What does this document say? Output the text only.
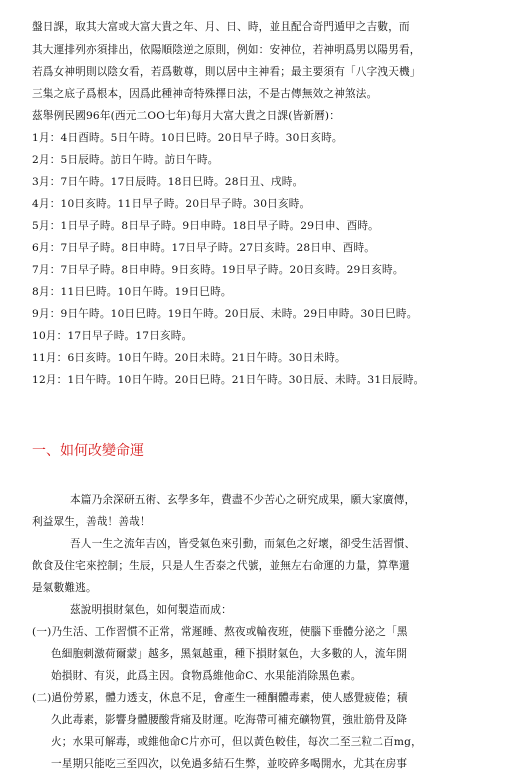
盤日課，取其大富或大富大貴之年、月、日、時，並且配合奇門遁甲之吉數，而
其大運排列亦須排出，依陽順陰逆之原則，例如：安神位，若神明爲男以陽男看，
若爲女神明則以陰女看，若爲數尊，則以居中主神看；最主要須有「八字洩天機」
三集之底子爲根本，因爲此種神奇特殊擇日法，不是古傳無效之神煞法。
茲舉例民國96年(西元二OO七年)每月大富大貴之日課(皆新曆)：
1月：4日酉時。5日午時。10日巳時。20日早子時。30日亥時。
2月：5日辰時。訪日午時。訪日午時。
3月：7日午時。17日辰時。18日巳時。28日丑、戌時。
4月：10日亥時。11日早子時。20日早子時。30日亥時。
5月：1日早子時。8日早子時。9日申時。18日早子時。29日申、酉時。
6月：7日早子時。8日申時。17日早子時。27日亥時。28日申、酉時。
7月：7日早子時。8日申時。9日亥時。19日早子時。20日亥時。29日亥時。
8月：11日巳時。10日午時。19日巳時。
9月：9日午時。10日巳時。19日午時。20日辰、未時。29日申時。30日巳時。
10月：17日早子時。17日亥時。
11月：6日亥時。10日午時。20日未時。21日午時。30日未時。
12月：1日午時。10日午時。20日巳時。21日午時。30日辰、未時。31日辰時。
一、如何改變命運
本篇乃余深研五術、玄學多年，費盡不少苦心之研究成果，願大家廣傳，
利益眾生，善哉！善哉！
吾人一生之流年吉凶，皆受氣色來引動，而氣色之好壞，卻受生活習慣、
飲食及住宅來控制；生辰，只是人生否泰之代號，並無左右命運的力量，算準還
是氣數難逃。
茲說明損財氣色，如何製造而成：
(一)乃生活、工作習慣不正常，常遲睡、熬夜或輪夜班，使腦下垂體分泌之「黑
色細胞刺激荷爾蒙」越多，黑氣越重，種下損財氣色，大多數的人，流年開
始損財、有災，此爲主因。食物爲維他命C、水果能消除黑色素。
(二)過份勞累，體力透支，休息不足，會產生一種酮體毒素，使人感覺疲倦；積
久此毒素，影響身體腰酸背痛及財運。吃海帶可補充礦物質，強壯筋骨及降
火；水果可解毒，或維他命C片亦可，但以黃色較佳，每次二至三粒二百mg，
一星期只能吃三至四次，以免過多結石生弊，並咬碎多喝開水，尤其在房事
